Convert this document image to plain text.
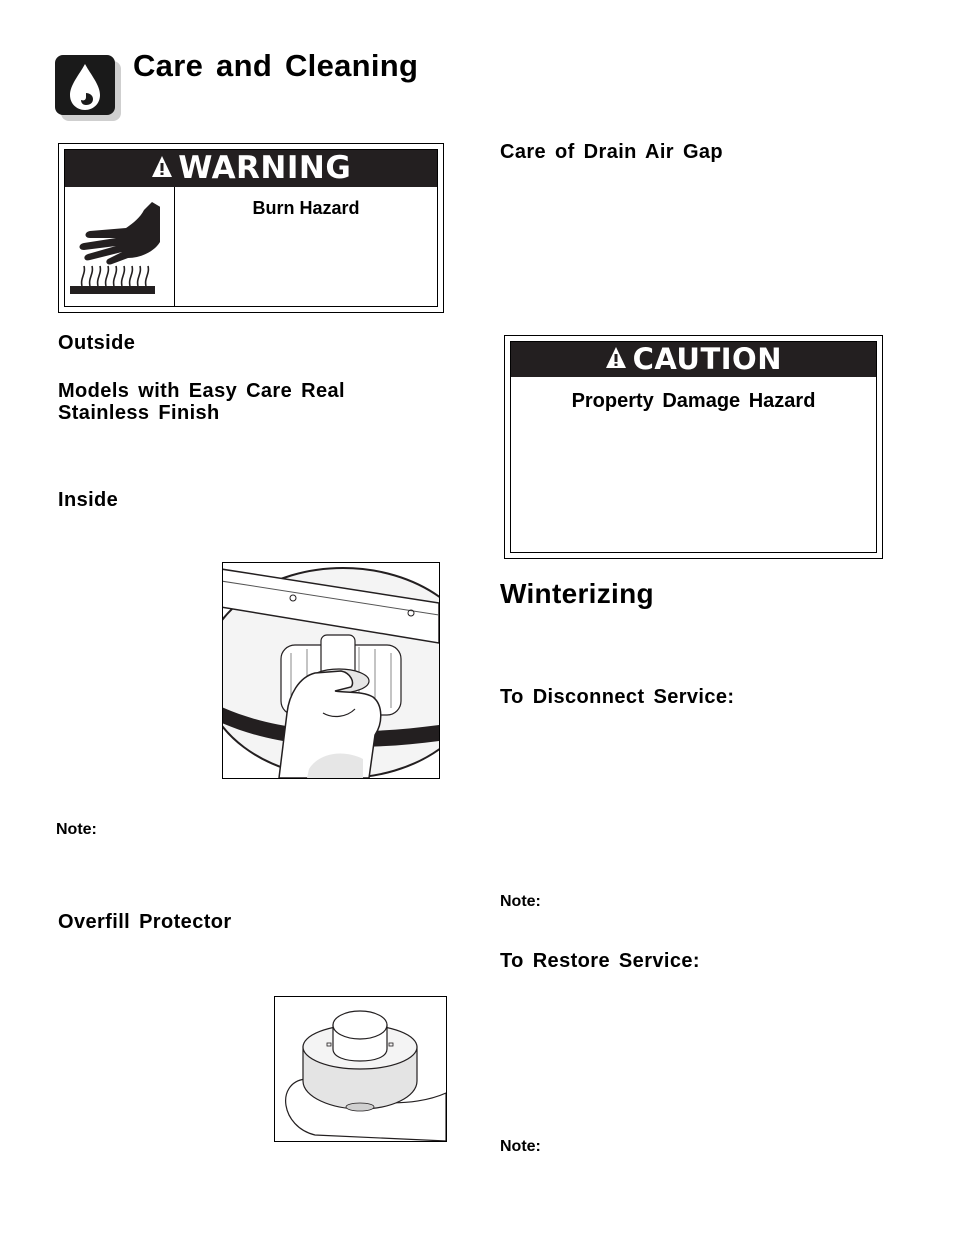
Care and Cleaning
WARNING
Burn Hazard
Outside
Models with Easy Care Real
Stainless Finish
Inside
Note:
Overfill Protector
Care of Drain Air Gap
CAUTION
Property Damage Hazard
Winterizing
To Disconnect Service:
Note:
To Restore Service:
Note:
